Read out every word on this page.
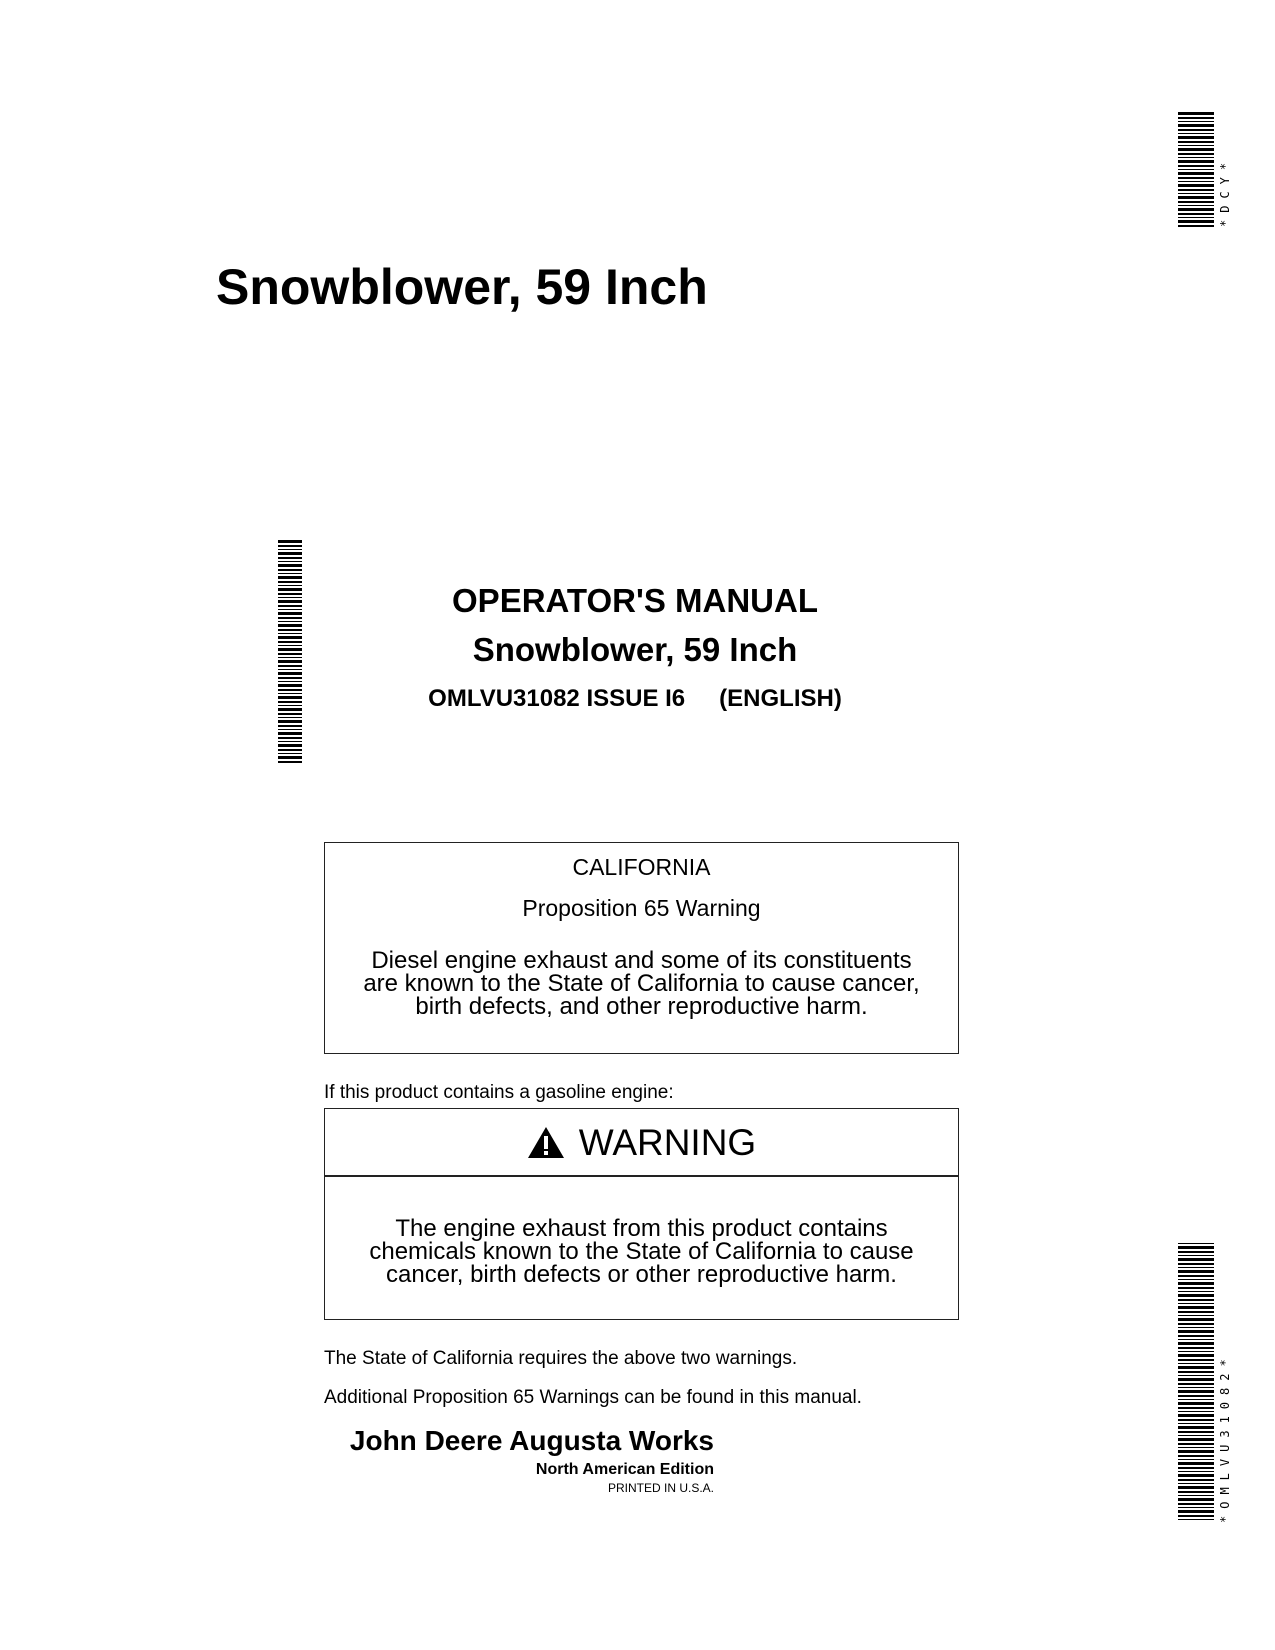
*DCY*
Snowblower, 59 Inch
OPERATOR'S MANUAL
Snowblower, 59 Inch
OMLVU31082 ISSUE I6 (ENGLISH)
CALIFORNIA
Proposition 65 Warning
Diesel engine exhaust and some of its constituents
are known to the State of California to cause cancer,
birth defects, and other reproductive harm.
If this product contains a gasoline engine:
WARNING
The engine exhaust from this product contains
chemicals known to the State of California to cause
cancer, birth defects or other reproductive harm.
The State of California requires the above two warnings.
Additional Proposition 65 Warnings can be found in this manual.
John Deere Augusta Works
North American Edition
PRINTED IN U.S.A.	*OMLVU31082*
